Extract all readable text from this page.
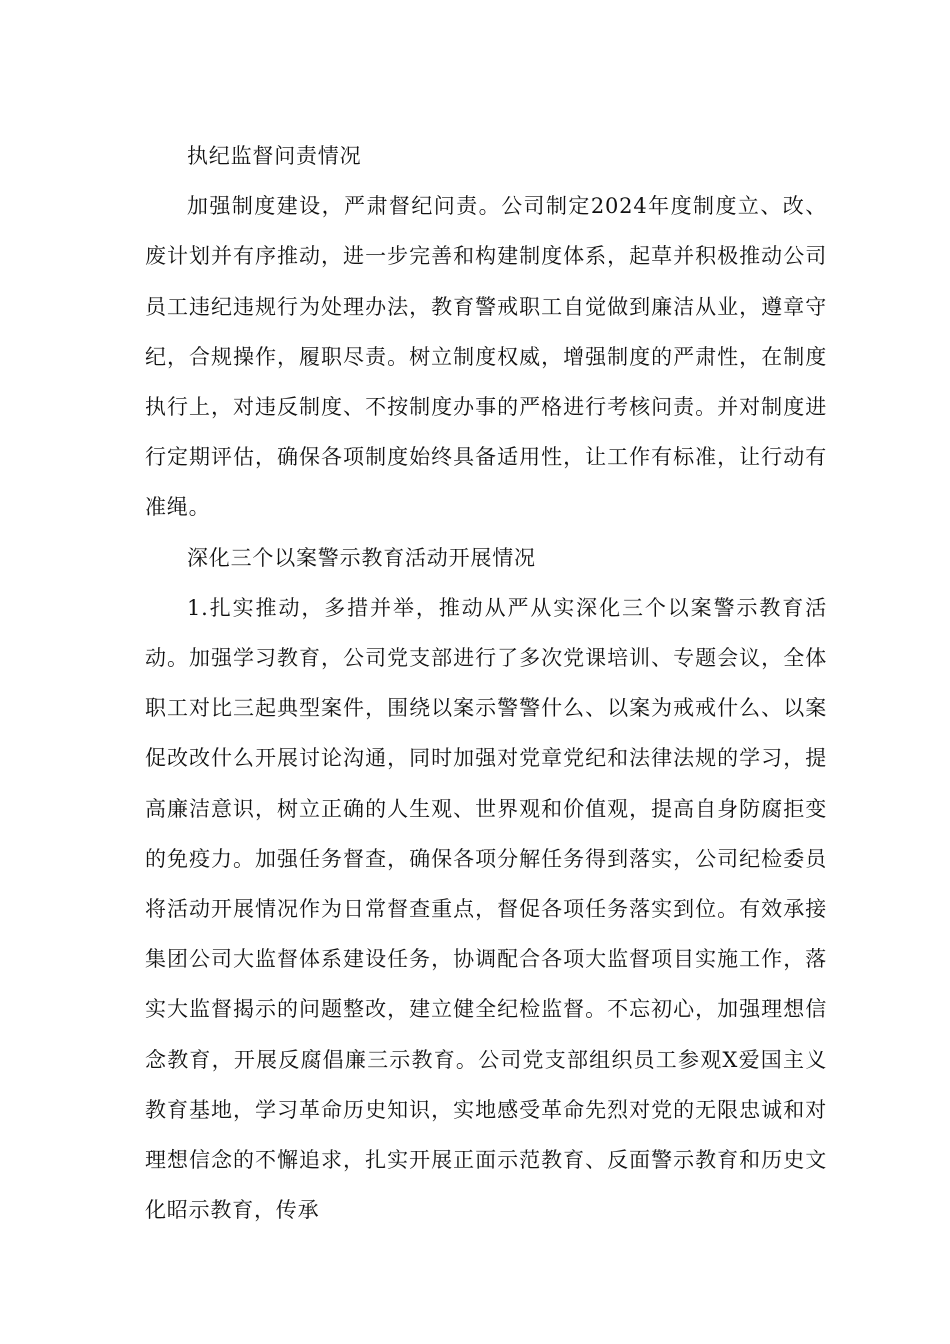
执纪监督问责情况

加强制度建设，严肃督纪问责。公司制定2024年度制度立、改、废计划并有序推动，进一步完善和构建制度体系，起草并积极推动公司员工违纪违规行为处理办法，教育警戒职工自觉做到廉洁从业，遵章守纪，合规操作，履职尽责。树立制度权威，增强制度的严肃性，在制度执行上，对违反制度、不按制度办事的严格进行考核问责。并对制度进行定期评估，确保各项制度始终具备适用性，让工作有标准，让行动有准绳。

深化三个以案警示教育活动开展情况

1.扎实推动，多措并举，推动从严从实深化三个以案警示教育活动。加强学习教育，公司党支部进行了多次党课培训、专题会议，全体职工对比三起典型案件，围绕以案示警警什么、以案为戒戒什么、以案促改改什么开展讨论沟通，同时加强对党章党纪和法律法规的学习，提高廉洁意识，树立正确的人生观、世界观和价值观，提高自身防腐拒变的免疫力。加强任务督查，确保各项分解任务得到落实，公司纪检委员将活动开展情况作为日常督查重点，督促各项任务落实到位。有效承接集团公司大监督体系建设任务，协调配合各项大监督项目实施工作，落实大监督揭示的问题整改，建立健全纪检监督。不忘初心，加强理想信念教育，开展反腐倡廉三示教育。公司党支部组织员工参观X爱国主义教育基地，学习革命历史知识，实地感受革命先烈对党的无限忠诚和对理想信念的不懈追求，扎实开展正面示范教育、反面警示教育和历史文化昭示教育，传承
